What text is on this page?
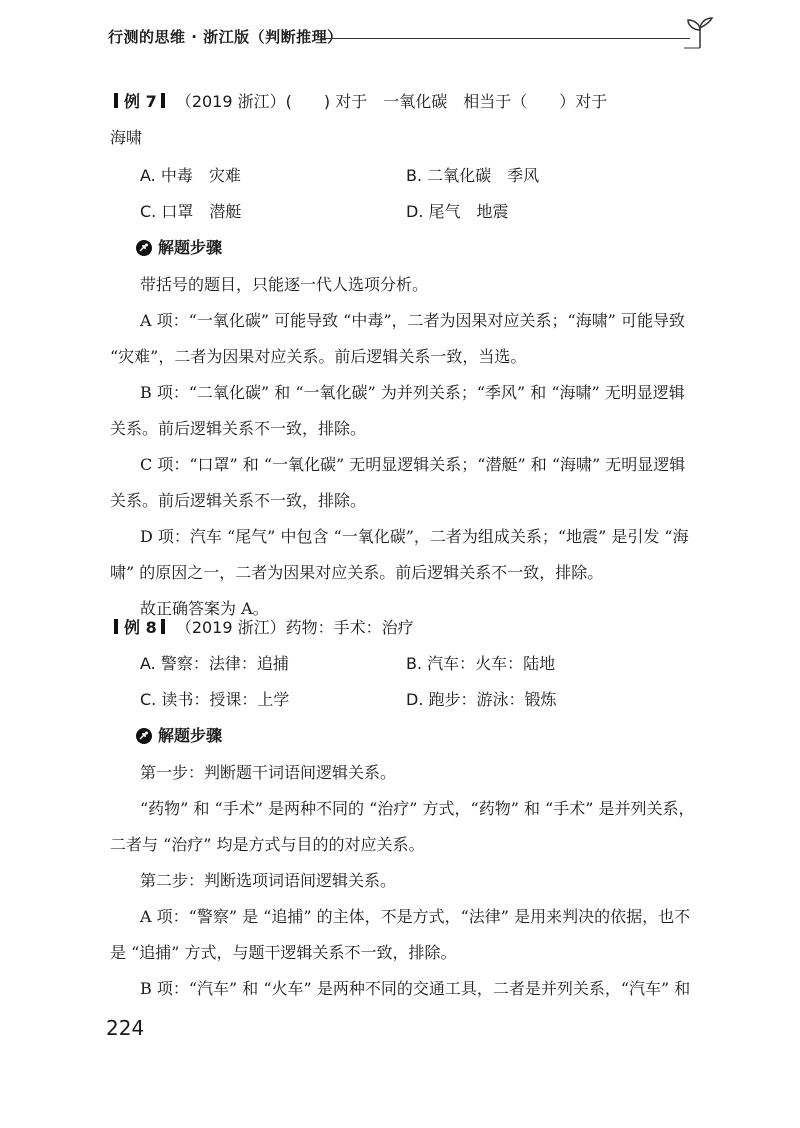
行测的思维 · 浙江版（判断推理）
例 7 （2019 浙江）(　　) 对于　一氧化碳　相当于（　　）对于
海啸
A. 中毒　灾难	B. 二氧化碳　季风
C. 口罩　潜艇	D. 尾气　地震
解题步骤
带括号的题目，只能逐一代人选项分析。
A 项：“一氧化碳” 可能导致 “中毒”，二者为因果对应关系；“海啸” 可能导致
“灾难”，二者为因果对应关系。前后逻辑关系一致，当选。
B 项：“二氧化碳” 和 “一氧化碳” 为并列关系；“季风” 和 “海啸” 无明显逻辑
关系。前后逻辑关系不一致，排除。
C 项：“口罩” 和 “一氧化碳” 无明显逻辑关系；“潜艇” 和 “海啸” 无明显逻辑
关系。前后逻辑关系不一致，排除。
D 项：汽车 “尾气” 中包含 “一氧化碳”，二者为组成关系；“地震” 是引发 “海
啸” 的原因之一，二者为因果对应关系。前后逻辑关系不一致，排除。
故正确答案为 A。
例 8 （2019 浙江）药物：手术：治疗
A. 警察：法律：追捕	B. 汽车：火车：陆地
C. 读书：授课：上学	D. 跑步：游泳：锻炼
解题步骤
第一步：判断题干词语间逻辑关系。
“药物” 和 “手术” 是两种不同的 “治疗” 方式，“药物” 和 “手术” 是并列关系，
二者与 “治疗” 均是方式与目的的对应关系。
第二步：判断选项词语间逻辑关系。
A 项：“警察” 是 “追捕” 的主体，不是方式，“法律” 是用来判决的依据，也不
是 “追捕” 方式，与题干逻辑关系不一致，排除。
B 项：“汽车” 和 “火车” 是两种不同的交通工具，二者是并列关系，“汽车” 和
224
